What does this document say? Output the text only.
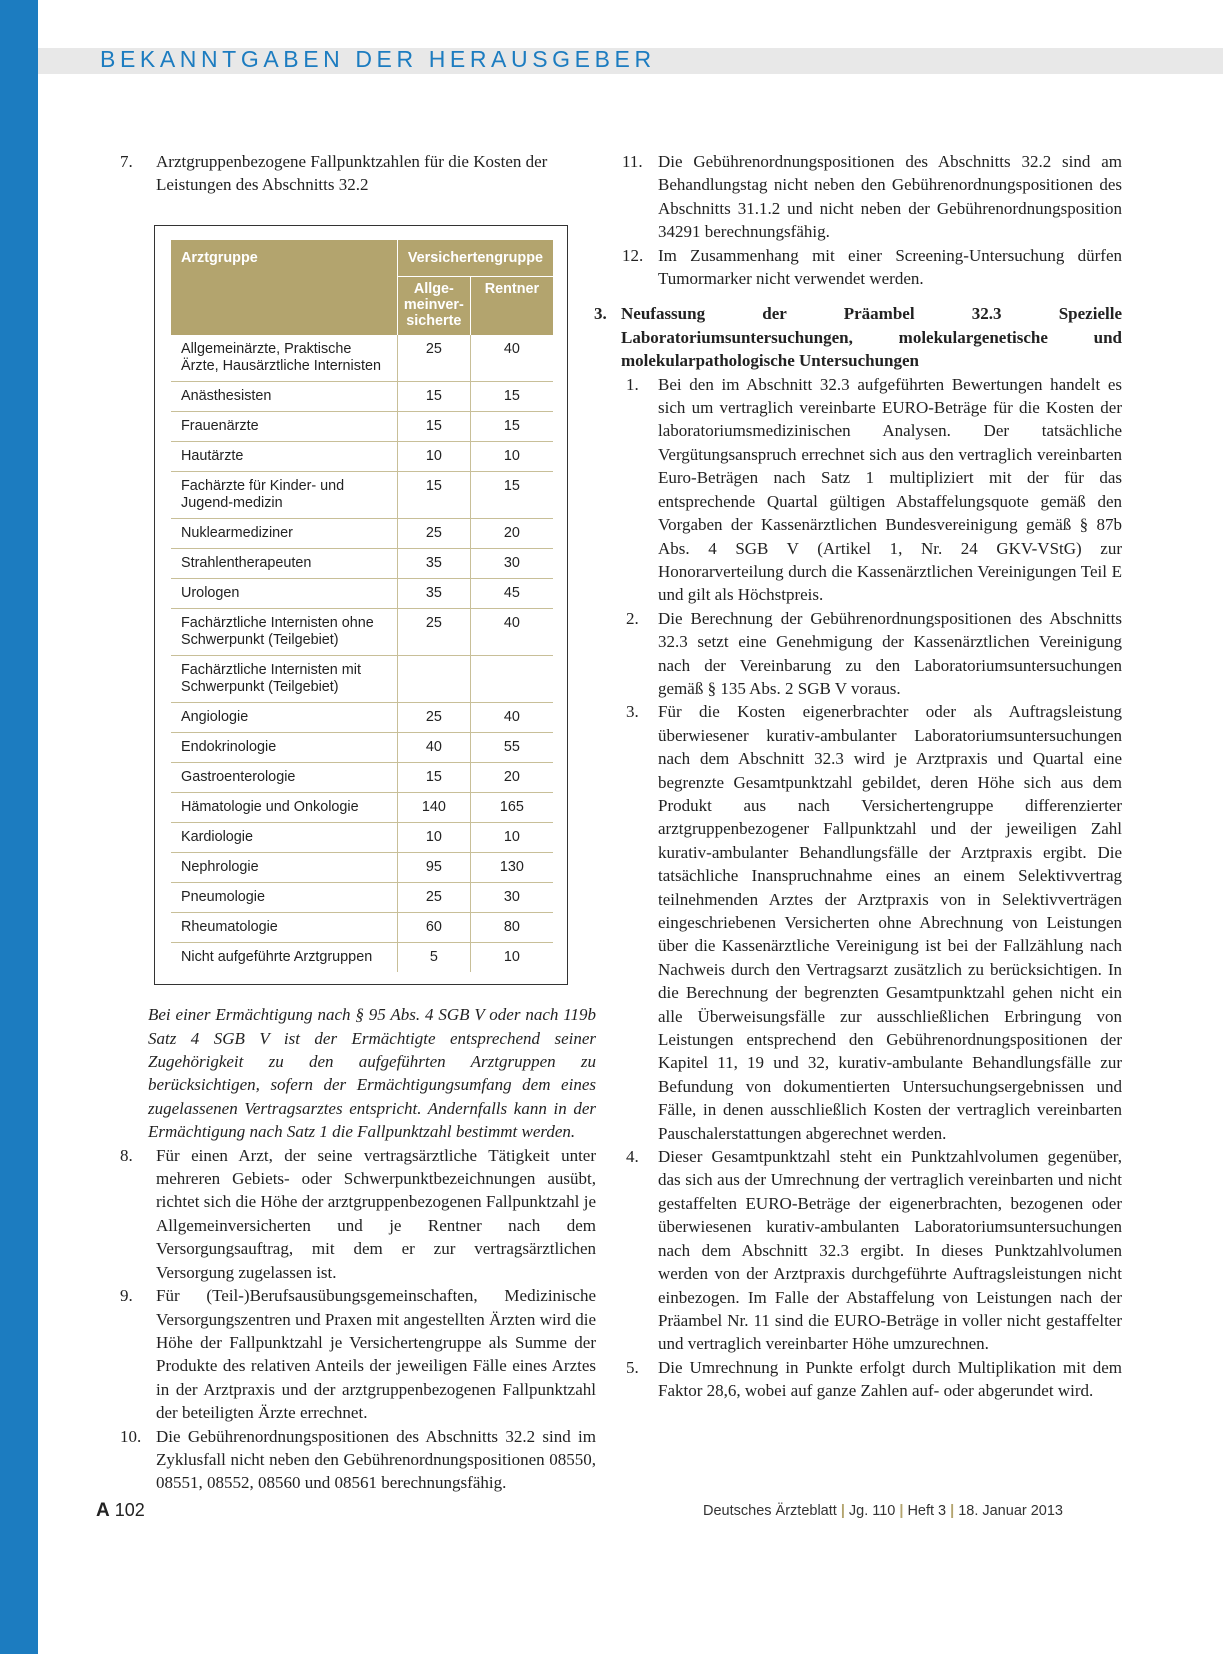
BEKANNTGABEN DER HERAUSGEBER
7. Arztgruppenbezogene Fallpunktzahlen für die Kosten der Leistungen des Abschnitts 32.2
Arztgruppe	Versichertengruppe	
	Allge-
meinver-
sicherte	Rentner
Allgemeinärzte, Praktische Ärzte, Hausärztliche Internisten	25	40
Anästhesisten	15	15
Frauenärzte	15	15
Hautärzte	10	10
Fachärzte für Kinder- und Jugend-medizin	15	15
Nuklearmediziner	25	20
Strahlentherapeuten	35	30
Urologen	35	45
Fachärztliche Internisten ohne Schwerpunkt (Teilgebiet)	25	40
Fachärztliche Internisten mit Schwerpunkt (Teilgebiet)		
Angiologie	25	40
Endokrinologie	40	55
Gastroenterologie	15	20
Hämatologie und Onkologie	140	165
Kardiologie	10	10
Nephrologie	95	130
Pneumologie	25	30
Rheumatologie	60	80
Nicht aufgeführte Arztgruppen	5	10
Bei einer Ermächtigung nach § 95 Abs. 4 SGB V oder nach 119b Satz 4 SGB V ist der Ermächtigte entsprechend seiner Zugehörigkeit zu den aufgeführten Arztgruppen zu berücksichtigen, sofern der Ermächtigungsumfang dem eines zugelassenen Vertragsarztes entspricht. Andernfalls kann in der Ermächtigung nach Satz 1 die Fallpunktzahl bestimmt werden.
8. Für einen Arzt, der seine vertragsärztliche Tätigkeit unter mehreren Gebiets- oder Schwerpunktbezeichnungen ausübt, richtet sich die Höhe der arztgruppenbezogenen Fallpunktzahl je Allgemeinversicherten und je Rentner nach dem Versorgungsauftrag, mit dem er zur vertragsärztlichen Versorgung zugelassen ist.
9. Für (Teil-)Berufsausübungsgemeinschaften, Medizinische Versorgungszentren und Praxen mit angestellten Ärzten wird die Höhe der Fallpunktzahl je Versichertengruppe als Summe der Produkte des relativen Anteils der jeweiligen Fälle eines Arztes in der Arztpraxis und der arztgruppenbezogenen Fallpunktzahl der beteiligten Ärzte errechnet.
10. Die Gebührenordnungspositionen des Abschnitts 32.2 sind im Zyklusfall nicht neben den Gebührenordnungspositionen 08550, 08551, 08552, 08560 und 08561 berechnungsfähig.
11. Die Gebührenordnungspositionen des Abschnitts 32.2 sind am Behandlungstag nicht neben den Gebührenordnungspositionen des Abschnitts 31.1.2 und nicht neben der Gebührenordnungsposition 34291 berechnungsfähig.
12. Im Zusammenhang mit einer Screening-Untersuchung dürfen Tumormarker nicht verwendet werden.
3. Neufassung der Präambel 32.3 Spezielle Laboratoriumsuntersuchungen, molekulargenetische und molekularpathologische Untersuchungen
1. Bei den im Abschnitt 32.3 aufgeführten Bewertungen handelt es sich um vertraglich vereinbarte EURO-Beträge für die Kosten der laboratoriumsmedizinischen Analysen. Der tatsächliche Vergütungsanspruch errechnet sich aus den vertraglich vereinbarten Euro-Beträgen nach Satz 1 multipliziert mit der für das entsprechende Quartal gültigen Abstaffelungsquote gemäß den Vorgaben der Kassenärztlichen Bundesvereinigung gemäß § 87b Abs. 4 SGB V (Artikel 1, Nr. 24 GKV-VStG) zur Honorarverteilung durch die Kassenärztlichen Vereinigungen Teil E und gilt als Höchstpreis.
2. Die Berechnung der Gebührenordnungspositionen des Abschnitts 32.3 setzt eine Genehmigung der Kassenärztlichen Vereinigung nach der Vereinbarung zu den Laboratoriumsuntersuchungen gemäß § 135 Abs. 2 SGB V voraus.
3. Für die Kosten eigenerbrachter oder als Auftragsleistung überwiesener kurativ-ambulanter Laboratoriumsuntersuchungen nach dem Abschnitt 32.3 wird je Arztpraxis und Quartal eine begrenzte Gesamtpunktzahl gebildet, deren Höhe sich aus dem Produkt aus nach Versichertengruppe differenzierter arztgruppenbezogener Fallpunktzahl und der jeweiligen Zahl kurativ-ambulanter Behandlungsfälle der Arztpraxis ergibt. Die tatsächliche Inanspruchnahme eines an einem Selektivvertrag teilnehmenden Arztes der Arztpraxis von in Selektivverträgen eingeschriebenen Versicherten ohne Abrechnung von Leistungen über die Kassenärztliche Vereinigung ist bei der Fallzählung nach Nachweis durch den Vertragsarzt zusätzlich zu berücksichtigen. In die Berechnung der begrenzten Gesamtpunktzahl gehen nicht ein alle Überweisungsfälle zur ausschließlichen Erbringung von Leistungen entsprechend den Gebührenordnungspositionen der Kapitel 11, 19 und 32, kurativ-ambulante Behandlungsfälle zur Befundung von dokumentierten Untersuchungsergebnissen und Fälle, in denen ausschließlich Kosten der vertraglich vereinbarten Pauschalerstattungen abgerechnet werden.
4. Dieser Gesamtpunktzahl steht ein Punktzahlvolumen gegenüber, das sich aus der Umrechnung der vertraglich vereinbarten und nicht gestaffelten EURO-Beträge der eigenerbrachten, bezogenen oder überwiesenen kurativ-ambulanten Laboratoriumsuntersuchungen nach dem Abschnitt 32.3 ergibt. In dieses Punktzahlvolumen werden von der Arztpraxis durchgeführte Auftragsleistungen nicht einbezogen. Im Falle der Abstaffelung von Leistungen nach der Präambel Nr. 11 sind die EURO-Beträge in voller nicht gestaffelter und vertraglich vereinbarter Höhe umzurechnen.
5. Die Umrechnung in Punkte erfolgt durch Multiplikation mit dem Faktor 28,6, wobei auf ganze Zahlen auf- oder abgerundet wird.
A 102	Deutsches Ärzteblatt | Jg. 110 | Heft 3 | 18. Januar 2013
